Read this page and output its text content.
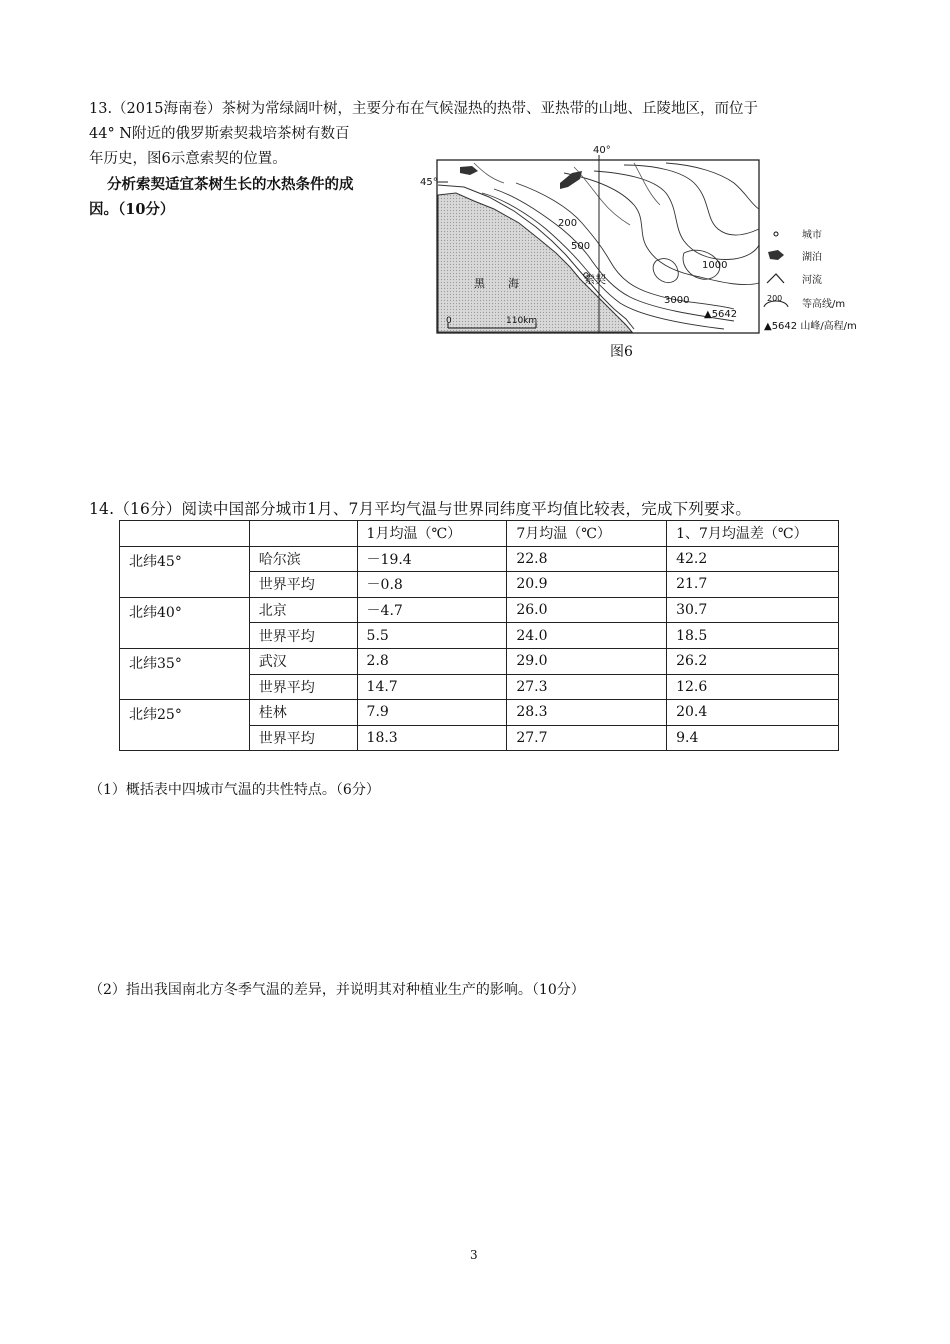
13.（2015海南卷）茶树为常绿阔叶树，主要分布在气候湿热的热带、亚热带的山地、丘陵地区，而位于
44° N附近的俄罗斯索契栽培茶树有数百
年历史，图6示意索契的位置。
分析索契适宜茶树生长的水热条件的成
因。（10分）
45°
40°
黑 海	索契
200
500
1000
3000
▲5642
0	110km
城市
湖泊
河流
200
等高线/m
▲5642 山峰/高程/m
图6
14.（16分）阅读中国部分城市1月、7月平均气温与世界同纬度平均值比较表，完成下列要求。
		1月均温（℃）	7月均温（℃）	1、7月均温差（℃）
北纬45°	哈尔滨	－19.4	22.8	42.2
	世界平均	－0.8	20.9	21.7
北纬40°	北京	－4.7	26.0	30.7
	世界平均	5.5	24.0	18.5
北纬35°	武汉	2.8	29.0	26.2
	世界平均	14.7	27.3	12.6
北纬25°	桂林	7.9	28.3	20.4
	世界平均	18.3	27.7	9.4
（1）概括表中四城市气温的共性特点。（6分）
（2）指出我国南北方冬季气温的差异，并说明其对种植业生产的影响。（10分）
3
